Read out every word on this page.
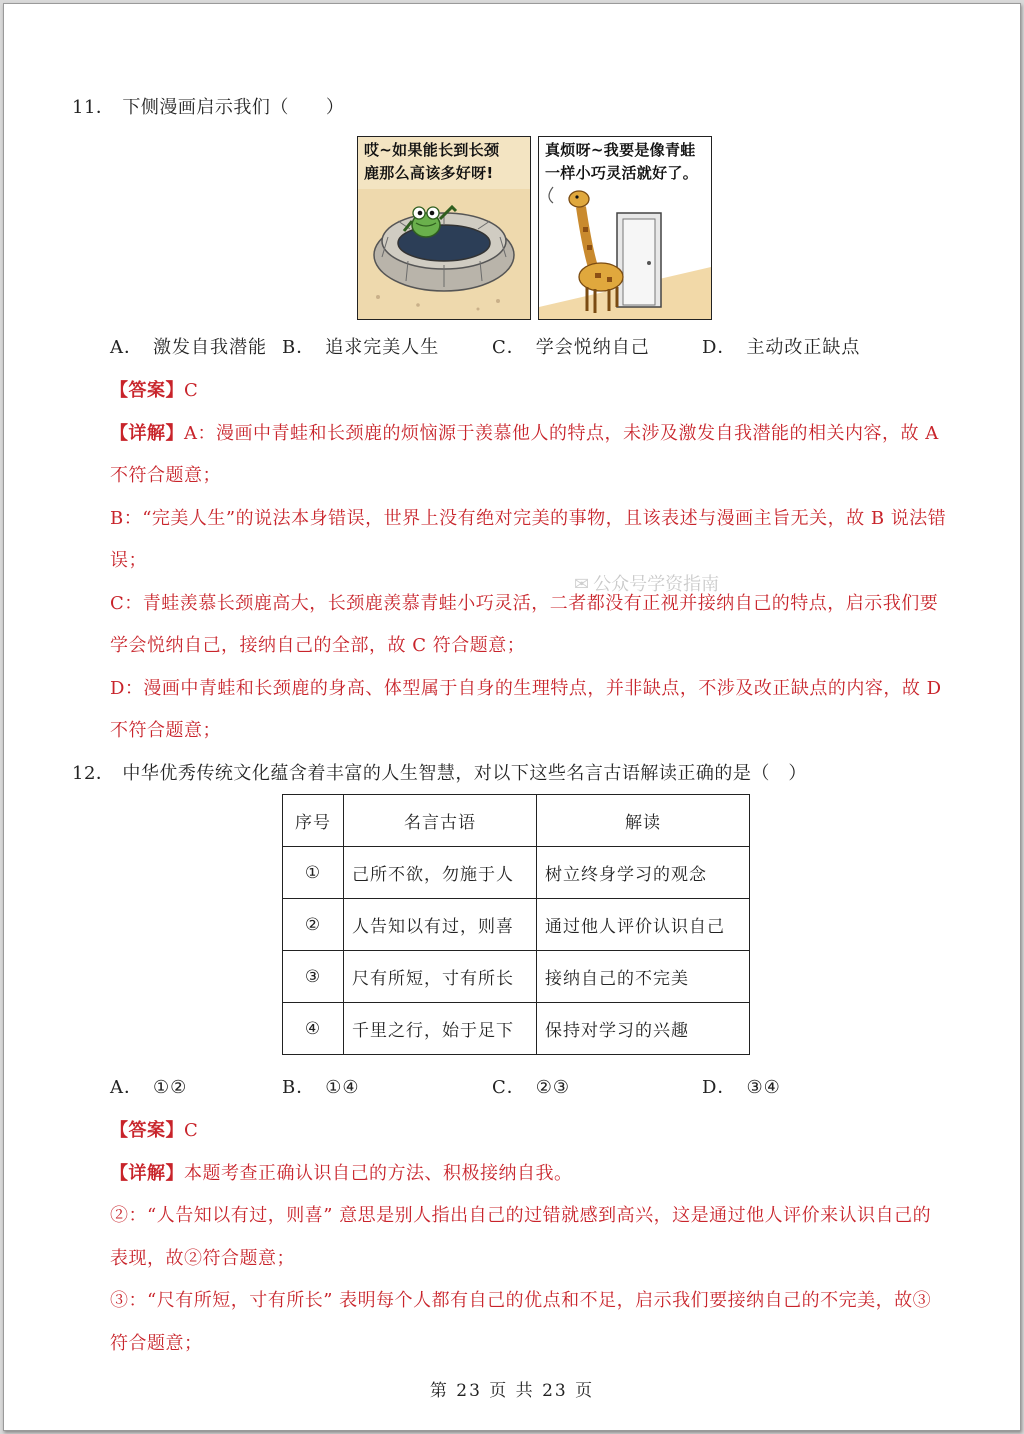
11． 下侧漫画启示我们（　　）
哎~如果能长到长颈
鹿那么高该多好呀!
真烦呀~我要是像青蛙
一样小巧灵活就好了。
A． 激发自我潜能 B． 追求完美人生	C． 学会悦纳自己	D． 主动改正缺点
【答案】C
【详解】A：漫画中青蛙和长颈鹿的烦恼源于羡慕他人的特点，未涉及激发自我潜能的相关内容，故 A
不符合题意；
B：“完美人生”的说法本身错误，世界上没有绝对完美的事物，且该表述与漫画主旨无关，故 B 说法错
误；
C：青蛙羡慕长颈鹿高大，长颈鹿羡慕青蛙小巧灵活，二者都没有正视并接纳自己的特点，启示我们要
学会悦纳自己，接纳自己的全部，故 C 符合题意；
D：漫画中青蛙和长颈鹿的身高、体型属于自身的生理特点，并非缺点，不涉及改正缺点的内容，故 D
不符合题意；
✉ 公众号学资指南
12． 中华优秀传统文化蕴含着丰富的人生智慧，对以下这些名言古语解读正确的是（　）
序号	名言古语	解读
①	己所不欲，勿施于人	树立终身学习的观念
②	人告知以有过，则喜	通过他人评价认识自己
③	尺有所短，寸有所长	接纳自己的不完美
④	千里之行，始于足下	保持对学习的兴趣
A． ①②	B． ①④	C． ②③	D． ③④
【答案】C
【详解】本题考查正确认识自己的方法、积极接纳自我。
②：“人告知以有过，则喜” 意思是别人指出自己的过错就感到高兴，这是通过他人评价来认识自己的
表现，故②符合题意；
③：“尺有所短，寸有所长” 表明每个人都有自己的优点和不足，启示我们要接纳自己的不完美，故③
符合题意；
第 23 页 共 23 页
